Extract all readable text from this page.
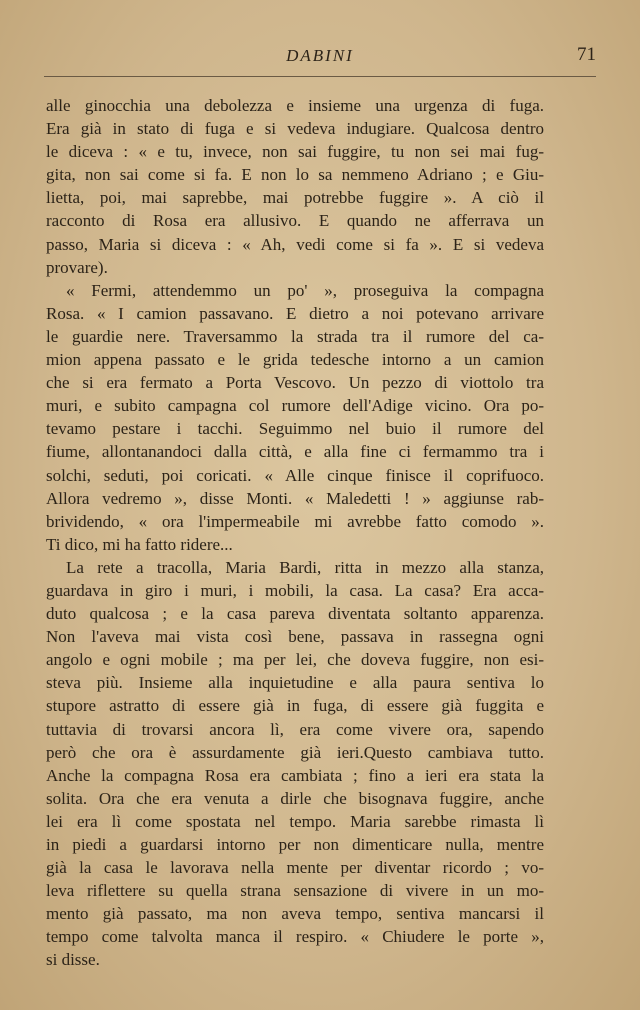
DABINI	71
alle ginocchia una debolezza e insieme una urgenza di fuga.
Era già in stato di fuga e si vedeva indugiare. Qualcosa dentro
le diceva : « e tu, invece, non sai fuggire, tu non sei mai fug-
gita, non sai come si fa. E non lo sa nemmeno Adriano ; e Giu-
lietta, poi, mai saprebbe, mai potrebbe fuggire ». A ciò il
racconto di Rosa era allusivo. E quando ne afferrava un
passo, Maria si diceva : « Ah, vedi come si fa ». E si vedeva
provare).
« Fermi, attendemmo un po' », proseguiva la compagna
Rosa. « I camion passavano. E dietro a noi potevano arrivare
le guardie nere. Traversammo la strada tra il rumore del ca-
mion appena passato e le grida tedesche intorno a un camion
che si era fermato a Porta Vescovo. Un pezzo di viottolo tra
muri, e subito campagna col rumore dell'Adige vicino. Ora po-
tevamo pestare i tacchi. Seguimmo nel buio il rumore del
fiume, allontanandoci dalla città, e alla fine ci fermammo tra i
solchi, seduti, poi coricati. « Alle cinque finisce il coprifuoco.
Allora vedremo », disse Monti. « Maledetti ! » aggiunse rab-
brividendo, « ora l'impermeabile mi avrebbe fatto comodo ».
Ti dico, mi ha fatto ridere...
La rete a tracolla, Maria Bardi, ritta in mezzo alla stanza,
guardava in giro i muri, i mobili, la casa. La casa? Era acca-
duto qualcosa ; e la casa pareva diventata soltanto apparenza.
Non l'aveva mai vista così bene, passava in rassegna ogni
angolo e ogni mobile ; ma per lei, che doveva fuggire, non esi-
steva più. Insieme alla inquietudine e alla paura sentiva lo
stupore astratto di essere già in fuga, di essere già fuggita e
tuttavia di trovarsi ancora lì, era come vivere ora, sapendo
però che ora è assurdamente già ieri.Questo cambiava tutto.
Anche la compagna Rosa era cambiata ; fino a ieri era stata la
solita. Ora che era venuta a dirle che bisognava fuggire, anche
lei era lì come spostata nel tempo. Maria sarebbe rimasta lì
in piedi a guardarsi intorno per non dimenticare nulla, mentre
già la casa le lavorava nella mente per diventar ricordo ; vo-
leva riflettere su quella strana sensazione di vivere in un mo-
mento già passato, ma non aveva tempo, sentiva mancarsi il
tempo come talvolta manca il respiro. « Chiudere le porte »,
si disse.
